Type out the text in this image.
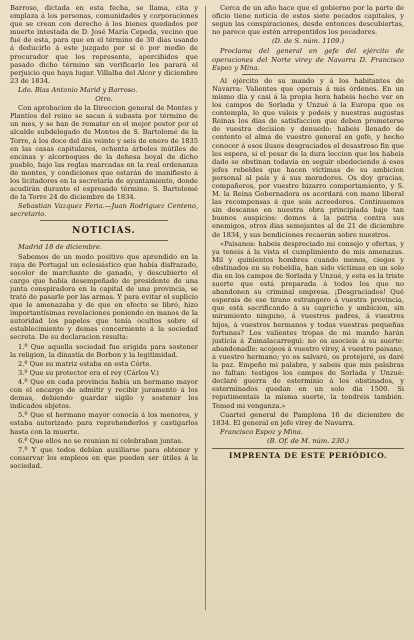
Barroso, dictada en esta fecha, se llama, cita y emplaza á los personas, comunidades y corporaciones que se crean con derecho á los bienes quedados por muerte intestada de D. José María Cepeda, vecino que fué de esta, para que en el término de 30 dias usando á deducirlo á este juzgado por sí ó por medio de procurador que los represente, apercibidos que pasado dicho término sin verificarlo les parará el perjuicio que haya lugar. Villalba del Alcor y diciembre 23 de 1834.

Ldo. Blas Antonio Marid y Barroso.

Otro.

Con aprobacion de la Direccion general de Montes y Plantíos del reino se sacan á subasta por término de un mes, y se han de rematar en el mejor postor por el alcalde subdelegado de Montes de S. Bartolomé de la Torre, á los doce del dia veinte y seis de enero de 1835 en las casas capitulares, ochenta árboles inútiles de encinas y alcornoques de la dehesa boyal de dicho pueblo, bajo las reglas marcadas en la real ordenanza de montes, y condiciones que estarán de manifiesto á los licitadores en la secretaría de ayuntamiento, donde acudirán durante el espresado término. S. Bartolomé de la Torre 24 de diciembre de 1834.

Sebastian Vazquez Feria.—Juan Rodriguez Centeno, secretario.

NOTICIAS.

Madrid 18 de diciembre.

Sabemos de un modo positivo que aprendido en la raya de Portugal un eclesiástico que había disfrazado, socolor de marchante de ganado, y descubierto el cargo que había desempeñado de presidente de una junta conspiradora en la capital de una provincia, se trató de pasarle por las armas. Y para evitar el suplicio que le amenazaba y de que en efecto se libró, hizo importantísimas revelaciones poniendo en manos de la autoridad los papeles que tenía ocultos sobre el establecimiento y demas concerniente á la sociedad secreta. De su declaracion resulta:

1.º Que aquella sociedad fue erigida para sostener la religion, la dinastía de Borbon y la legitimidad.

2.º Que su matriz estaba en esta Córte.

3.º Que su protector era el rey (Cárlos V.)

4.º Que en cada provincia había un hermano mayor con el encargo de admitir y recibir juramento á los demas, debiendo guardar sigilo y sostener los indicados objetos.

5.º Que el hermano mayor conocía á los menores, y estaba autorizado para reprehenderlos y castigarlos hasta con la muerte.

6.º Que ellos no se reunian ni celebraban juntas.

7.º Y que todos debían auxiliarse para obtener y conservar los empleos en que pueden ser útiles á la sociedad.

Cerca de un año hace que el gobierno por la parte de oficio tiene noticia de estos siete pecados capitales, y segun las conspiraciones, desde entonces descubiertas, no parece que estén arrepentidos los pecadores.

(D. de S. núm. 1109.)

Proclama del general en gefe del ejército de operaciones del Norte virey de Navarra D. Francisco Espoz y Mina.

Al ejército de su mando y á los habitantes de Navarra: Valientes que operais á mis órdenes. En un mismo dia y casi á la propia hora habeis hecho ver en los campos de Sorlada y Unzué á la Europa que os contempla, lo que valeis y podeis y nuestras augustas Reinas los dias de satisfaccion que deben prometerse de vuestra decision y denuedo: habeis llenado de contento el alma de vuestro general en gefe, y hecho conocer á esos ilusos desgraciados el desastroso fin que les espera, si el pesar de la dura leccion que les habeis dado se obstinan todavía en seguir obedeciendo á esos jefes rebeldes que hacen víctimas de su ambicion personal al país y á sus moradores. Os doy gracias, compañeros, por vuestro bizarro comportamiento, y S. M. la Reina Gobernadora os acordará con mano liberal las recompensas á que sois acreedores. Continuemos sin descanso en nuestra obra principiada bajo tan buenos auspicios: demos á la patria contra sus enemigos, otros dias semejantes al de 21 de diciembre de 1834, y sus bendiciones recaerán sobre nuestros.

«Paisanos: habeis despreciado mi consejo y ofertas, y ya teneis á la vista el cumplimiento de mis amenazas. Mil y quinientos hombres cuando menos, ciegos y obstinados en su rebeldía, han sido víctimas en un solo dia en los campos de Sorlada y Unzué, y esta es la triste suerte que está preparada á todos los que no abandonen su criminal empresa. ¡Desgraciados! Qué esperais de ese tirano estrangero á vuestra provincia, que está sacrificando á su capricho y ambicion, sin miramiento ninguno, á vuestros padres, á vuestros hijos, á vuestros hermanos y todas vuestras pequeñas fortunas? Los valientes tropas de mi mando harán justicia á Zumalacarregui: no os asocieis á su suerte: abandonadle: acojeos á vuestro virey, á vuestro paisano, á vuestro hermano; yo os salvaré, os protejeré, os daré la paz. Empeño mi palabra, y sabeis que mis palabras no faltan: testigos los campos de Sorlada y Unzué: declaré guerra de esterminio á los obstinados, y esterminados quedan en un solo dia 1500. Si reputimentais la misma suerte, la tendreis también. Temed mi venganza.»

Cuartel general de Pamplona 16 de diciembre de 1834. El general en jefe virey de Navarra.

Francisco Espoz y Mina.

(B. Of. de M. núm. 230.)

IMPRENTA DE ESTE PERIÓDICO.
